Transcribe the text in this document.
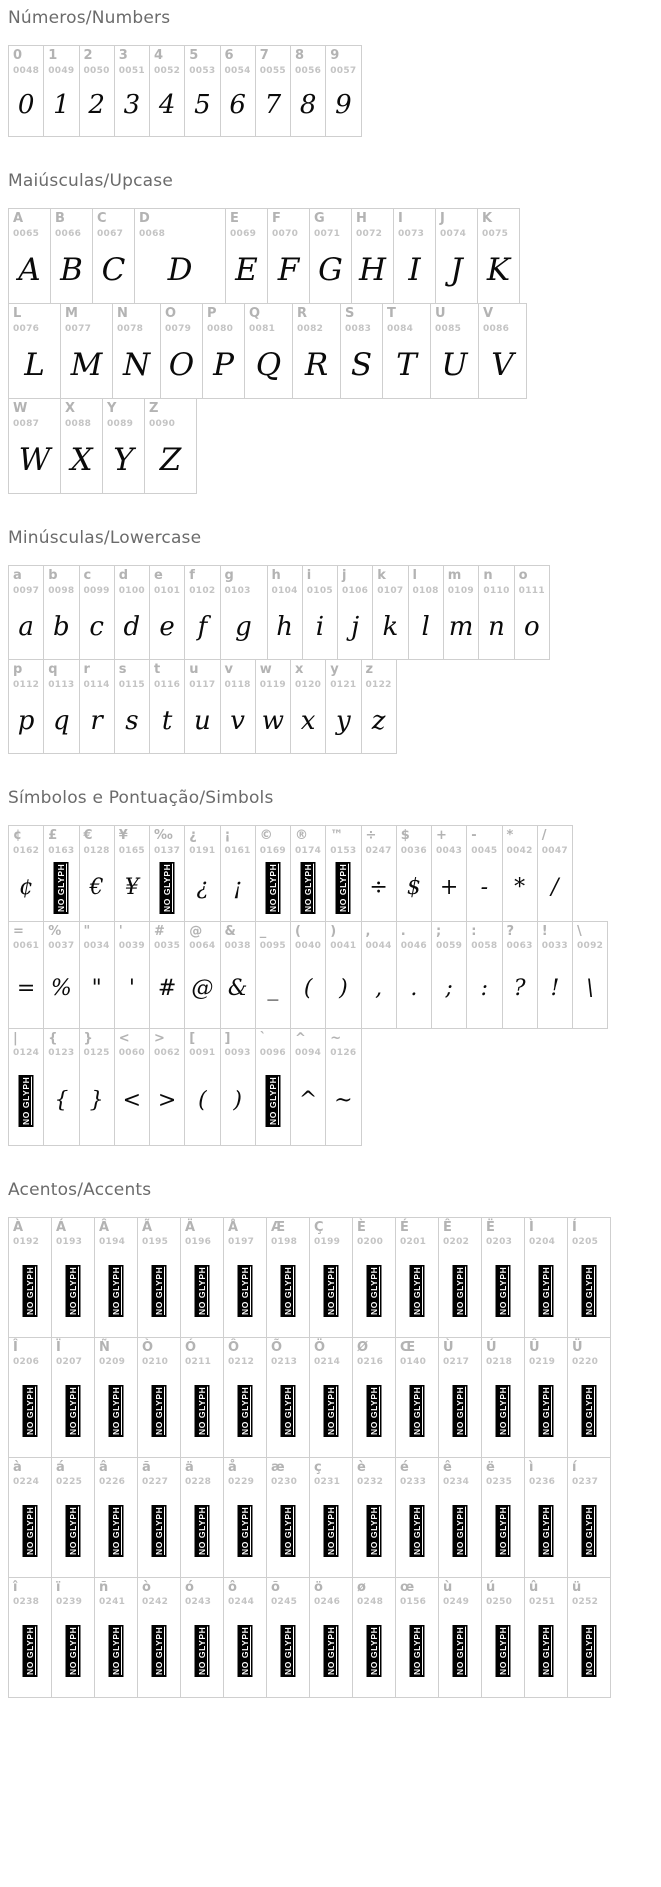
Números/Numbers
0
0048
0
1
0049
1
2
0050
2
3
0051
3
4
0052
4
5
0053
5
6
0054
6
7
0055
7
8
0056
8
9
0057
9
Maiúsculas/Upcase
A
0065
A
B
0066
B
C
0067
C
D
0068
D
E
0069
E
F
0070
F
G
0071
G
H
0072
H
I
0073
I
J
0074
J
K
0075
K
L
0076
L
M
0077
M
N
0078
N
O
0079
O
P
0080
P
Q
0081
Q
R
0082
R
S
0083
S
T
0084
T
U
0085
U
V
0086
V
W
0087
W
X
0088
X
Y
0089
Y
Z
0090
Z
Minúsculas/Lowercase
a
0097
a
b
0098
b
c
0099
c
d
0100
d
e
0101
e
f
0102
f
g
0103
g
h
0104
h
i
0105
i
j
0106
j
k
0107
k
l
0108
l
m
0109
m
n
0110
n
o
0111
o
p
0112
p
q
0113
q
r
0114
r
s
0115
s
t
0116
t
u
0117
u
v
0118
v
w
0119
w
x
0120
x
y
0121
y
z
0122
z
Símbolos e Pontuação/Simbols
¢
0162
¢
£
0163
NO GLYPH
€
0128
€
¥
0165
¥
‰
0137
NO GLYPH
¿
0191
¿
¡
0161
¡
©
0169
NO GLYPH
®
0174
NO GLYPH
™
0153
NO GLYPH
÷
0247
÷
$
0036
$
+
0043
+
-
0045
-
*
0042
*
/
0047
/
=
0061
=
%
0037
%
"
0034
"
'
0039
'
#
0035
#
@
0064
@
&
0038
&
_
0095
_
(
0040
(
)
0041
)
,
0044
,
.
0046
.
;
0059
;
:
0058
:
?
0063
?
!
0033
!
\
0092
\
|
0124
NO GLYPH
{
0123
{
}
0125
}
<
0060
<
>
0062
>
[
0091
(
]
0093
)
`
0096
NO GLYPH
^
0094
^
~
0126
~
Acentos/Accents
À
0192
NO GLYPH
Á
0193
NO GLYPH
Â
0194
NO GLYPH
Ã
0195
NO GLYPH
Ä
0196
NO GLYPH
Å
0197
NO GLYPH
Æ
0198
NO GLYPH
Ç
0199
NO GLYPH
È
0200
NO GLYPH
É
0201
NO GLYPH
Ê
0202
NO GLYPH
Ë
0203
NO GLYPH
Ì
0204
NO GLYPH
Í
0205
NO GLYPH
Î
0206
NO GLYPH
Ï
0207
NO GLYPH
Ñ
0209
NO GLYPH
Ò
0210
NO GLYPH
Ó
0211
NO GLYPH
Ô
0212
NO GLYPH
Õ
0213
NO GLYPH
Ö
0214
NO GLYPH
Ø
0216
NO GLYPH
Œ
0140
NO GLYPH
Ù
0217
NO GLYPH
Ú
0218
NO GLYPH
Û
0219
NO GLYPH
Ü
0220
NO GLYPH
à
0224
NO GLYPH
á
0225
NO GLYPH
â
0226
NO GLYPH
ã
0227
NO GLYPH
ä
0228
NO GLYPH
å
0229
NO GLYPH
æ
0230
NO GLYPH
ç
0231
NO GLYPH
è
0232
NO GLYPH
é
0233
NO GLYPH
ê
0234
NO GLYPH
ë
0235
NO GLYPH
ì
0236
NO GLYPH
í
0237
NO GLYPH
î
0238
NO GLYPH
ï
0239
NO GLYPH
ñ
0241
NO GLYPH
ò
0242
NO GLYPH
ó
0243
NO GLYPH
ô
0244
NO GLYPH
õ
0245
NO GLYPH
ö
0246
NO GLYPH
ø
0248
NO GLYPH
œ
0156
NO GLYPH
ù
0249
NO GLYPH
ú
0250
NO GLYPH
û
0251
NO GLYPH
ü
0252
NO GLYPH
